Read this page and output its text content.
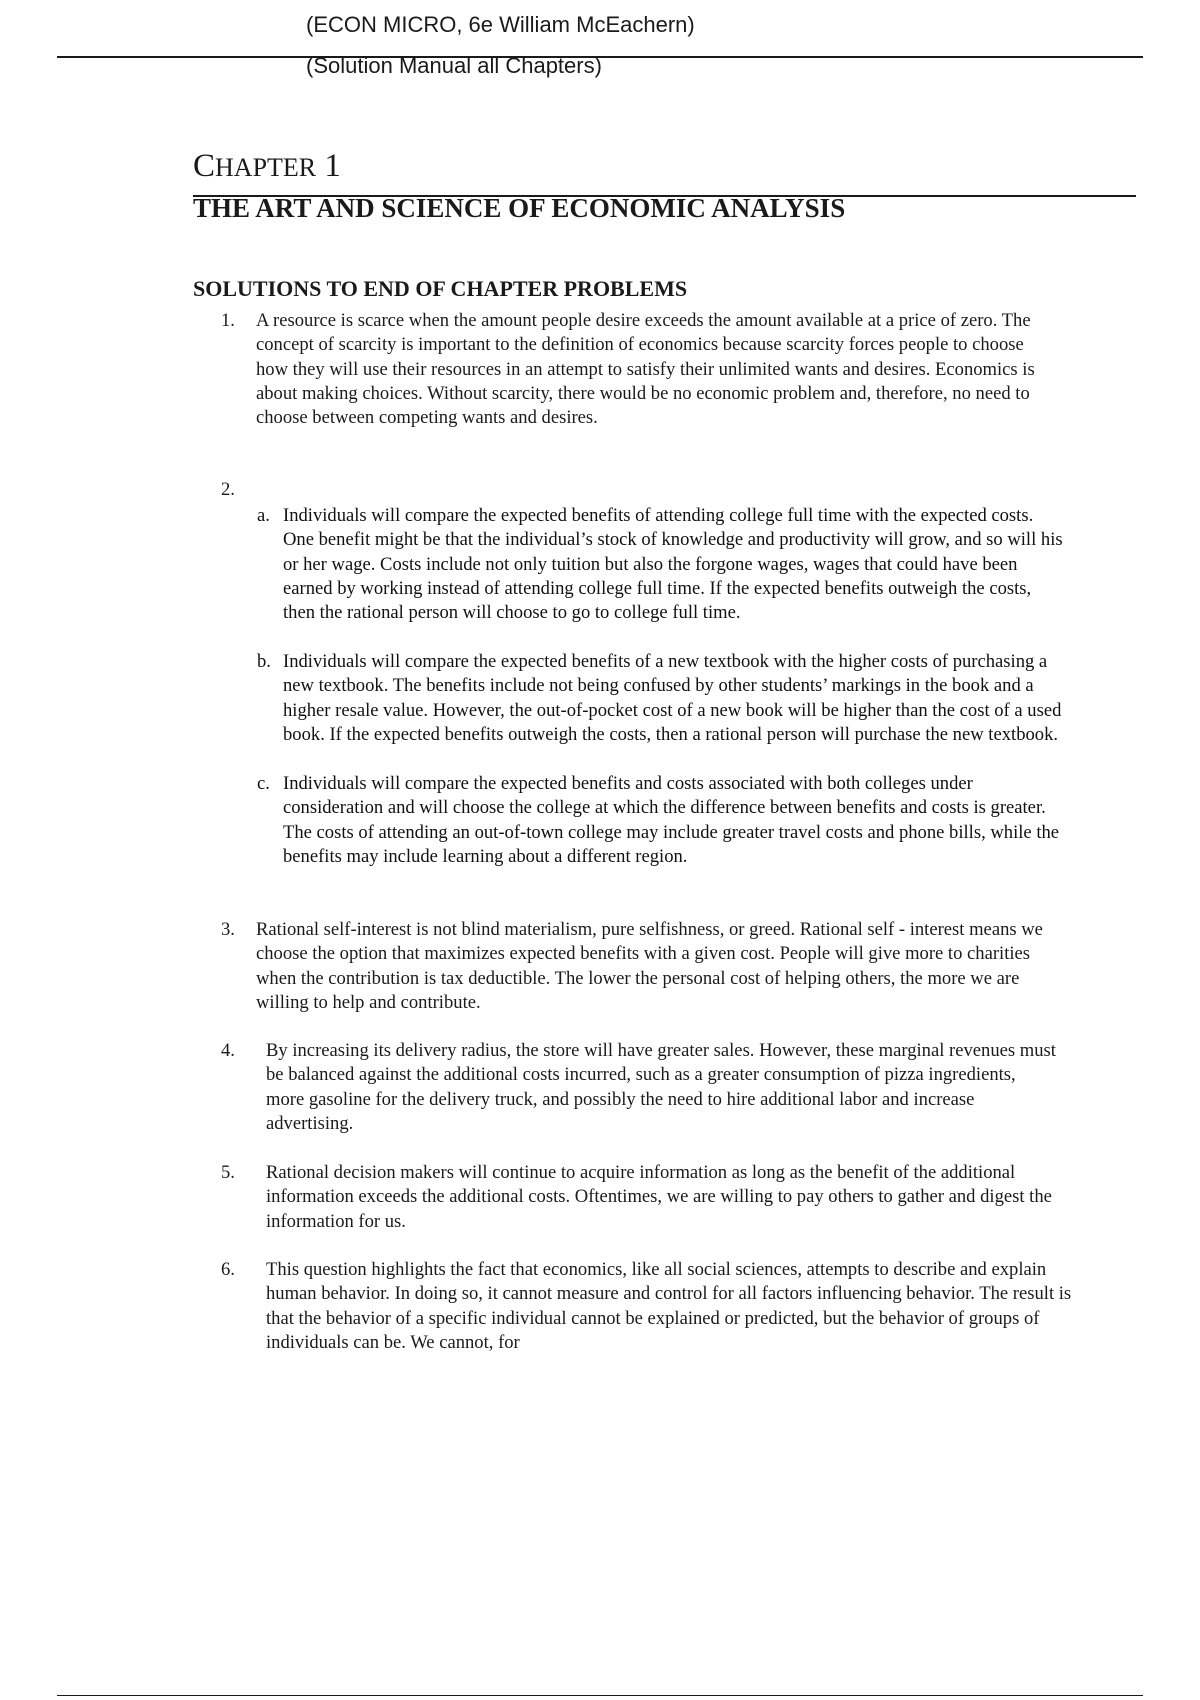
(ECON MICRO, 6e William McEachern)
(Solution Manual all Chapters)
CHAPTER 1
THE ART AND SCIENCE OF ECONOMIC ANALYSIS
SOLUTIONS TO END OF CHAPTER PROBLEMS
1. A resource is scarce when the amount people desire exceeds the amount available at a price of zero. The concept of scarcity is important to the definition of economics because scarcity forces people to choose how they will use their resources in an attempt to satisfy their unlimited wants and desires. Economics is about making choices. Without scarcity, there would be no economic problem and, therefore, no need to choose between competing wants and desires.

2.
a. Individuals will compare the expected benefits of attending college full time with the expected costs. One benefit might be that the individual’s stock of knowledge and productivity will grow, and so will his or her wage. Costs include not only tuition but also the forgone wages, wages that could have been earned by working instead of attending college full time. If the expected benefits outweigh the costs, then the rational person will choose to go to college full time.

b. Individuals will compare the expected benefits of a new textbook with the higher costs of purchasing a new textbook. The benefits include not being confused by other students’ markings in the book and a higher resale value. However, the out-of-pocket cost of a new book will be higher than the cost of a used book. If the expected benefits outweigh the costs, then a rational person will purchase the new textbook.

c. Individuals will compare the expected benefits and costs associated with both colleges under consideration and will choose the college at which the difference between benefits and costs is greater. The costs of attending an out-of-town college may include greater travel costs and phone bills, while the benefits may include learning about a different region.

3. Rational self-interest is not blind materialism, pure selfishness, or greed. Rational self - interest means we choose the option that maximizes expected benefits with a given cost. People will give more to charities when the contribution is tax deductible. The lower the personal cost of helping others, the more we are willing to help and contribute.

4. By increasing its delivery radius, the store will have greater sales. However, these marginal revenues must be balanced against the additional costs incurred, such as a greater consumption of pizza ingredients, more gasoline for the delivery truck, and possibly the need to hire additional labor and increase advertising.

5. Rational decision makers will continue to acquire information as long as the benefit of the additional information exceeds the additional costs. Oftentimes, we are willing to pay others to gather and digest the information for us.

6. This question highlights the fact that economics, like all social sciences, attempts to describe and explain human behavior. In doing so, it cannot measure and control for all factors influencing behavior. The result is that the behavior of a specific individual cannot be explained or predicted, but the behavior of groups of individuals can be. We cannot, for
